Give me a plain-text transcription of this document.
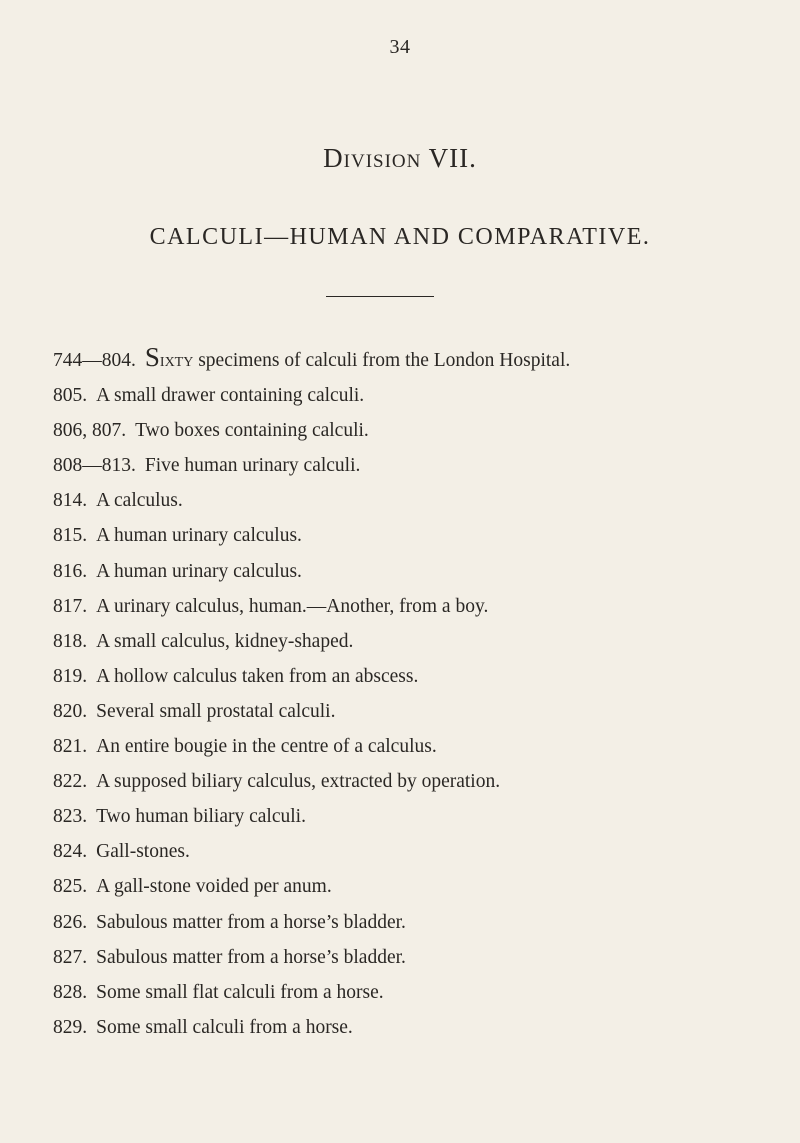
34
Division VII.
CALCULI—HUMAN AND COMPARATIVE.
744—804. Sixty specimens of calculi from the London Hospital.
805. A small drawer containing calculi.
806, 807. Two boxes containing calculi.
808—813. Five human urinary calculi.
814. A calculus.
815. A human urinary calculus.
816. A human urinary calculus.
817. A urinary calculus, human.—Another, from a boy.
818. A small calculus, kidney-shaped.
819. A hollow calculus taken from an abscess.
820. Several small prostatal calculi.
821. An entire bougie in the centre of a calculus.
822. A supposed biliary calculus, extracted by operation.
823. Two human biliary calculi.
824. Gall-stones.
825. A gall-stone voided per anum.
826. Sabulous matter from a horse’s bladder.
827. Sabulous matter from a horse’s bladder.
828. Some small flat calculi from a horse.
829. Some small calculi from a horse.
